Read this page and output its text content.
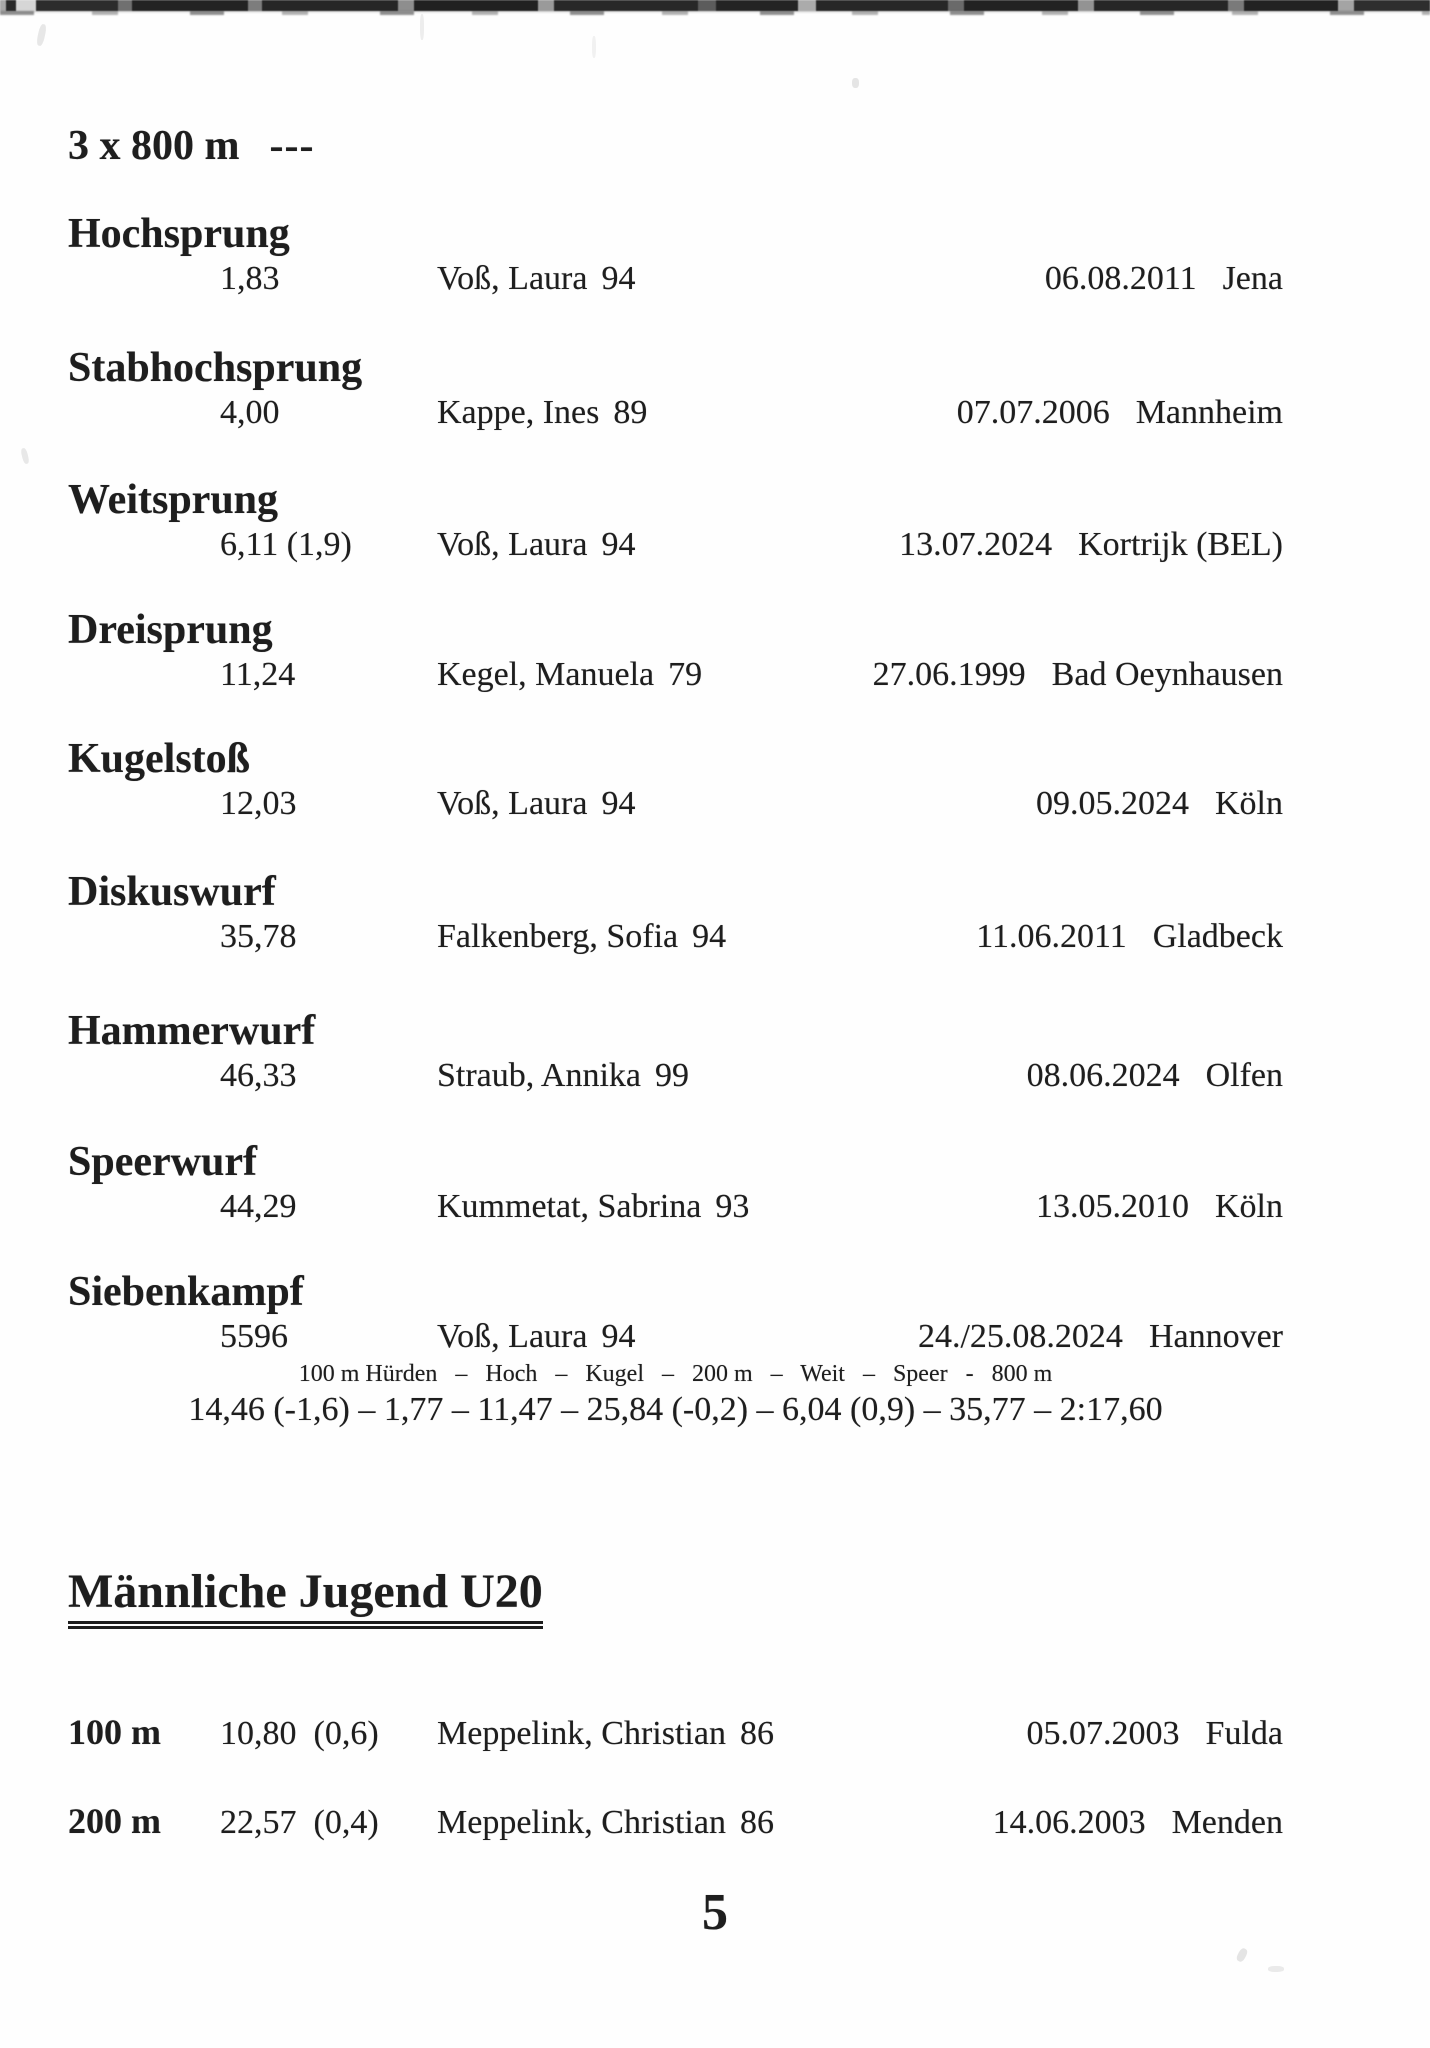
3 x 800 m ---
Hochsprung
1,83	Voß, Laura 94	06.08.2011 Jena
Stabhochsprung
4,00	Kappe, Ines 89	07.07.2006 Mannheim
Weitsprung
6,11 (1,9)	Voß, Laura 94	13.07.2024 Kortrijk (BEL)
Dreisprung
11,24	Kegel, Manuela 79	27.06.1999 Bad Oeynhausen
Kugelstoß
12,03	Voß, Laura 94	09.05.2024 Köln
Diskuswurf
35,78	Falkenberg, Sofia 94	11.06.2011 Gladbeck
Hammerwurf
46,33	Straub, Annika 99	08.06.2024 Olfen
Speerwurf
44,29	Kummetat, Sabrina 93	13.05.2010 Köln
Siebenkampf
5596	Voß, Laura 94	24./25.08.2024 Hannover
100 m Hürden   –   Hoch   –   Kugel   –   200 m   –   Weit   –   Speer   -   800 m
14,46 (-1,6) – 1,77 – 11,47 – 25,84 (-0,2) – 6,04 (0,9) – 35,77 – 2:17,60
Männliche Jugend U20
100 m	10,80  (0,6)	Meppelink, Christian 86	05.07.2003 Fulda
200 m	22,57  (0,4)	Meppelink, Christian 86	14.06.2003 Menden
5
